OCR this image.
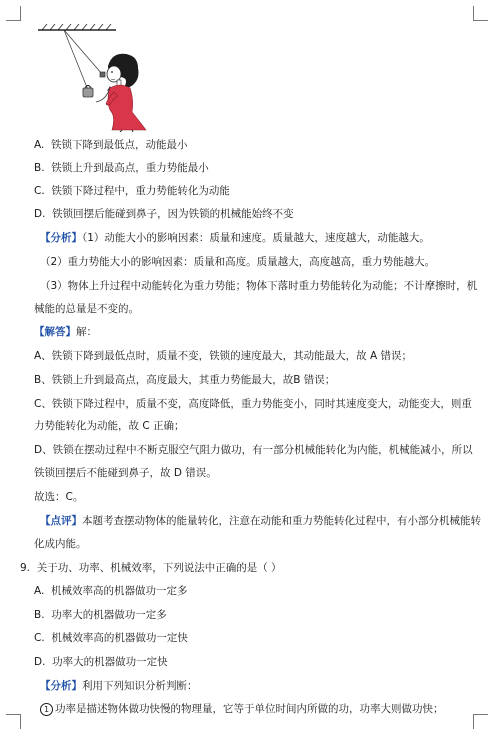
A. 铁锁下降到最低点，动能最小
B. 铁锁上升到最高点，重力势能最小
C. 铁锁下降过程中，重力势能转化为动能
D. 铁锁回摆后能碰到鼻子，因为铁锁的机械能始终不变
【分析】（1）动能大小的影响因素：质量和速度。质量越大，速度越大，动能越大。
（2）重力势能大小的影响因素：质量和高度。质量越大，高度越高，重力势能越大。
（3）物体上升过程中动能转化为重力势能；物体下落时重力势能转化为动能；不计摩擦时，机
械能的总量是不变的。
【解答】解：
A、铁锁下降到最低点时，质量不变，铁锁的速度最大，其动能最大，故 A 错误；
B、铁锁上升到最高点，高度最大，其重力势能最大，故B 错误；
C、铁锁下降过程中，质量不变，高度降低，重力势能变小，同时其速度变大，动能变大，则重
力势能转化为动能，故 C 正确；
D、铁锁在摆动过程中不断克服空气阻力做功，有一部分机械能转化为内能，机械能减小，所以
铁锁回摆后不能碰到鼻子，故 D 错误。
故选：C。
【点评】本题考查摆动物体的能量转化，注意在动能和重力势能转化过程中，有小部分机械能转
化成内能。
9. 关于功、功率、机械效率，下列说法中正确的是（ ）
A. 机械效率高的机器做功一定多
B. 功率大的机器做功一定多
C. 机械效率高的机器做功一定快
D. 功率大的机器做功一定快
【分析】利用下列知识分析判断：
1 功率是描述物体做功快慢的物理量，它等于单位时间内所做的功，功率大则做功快；
